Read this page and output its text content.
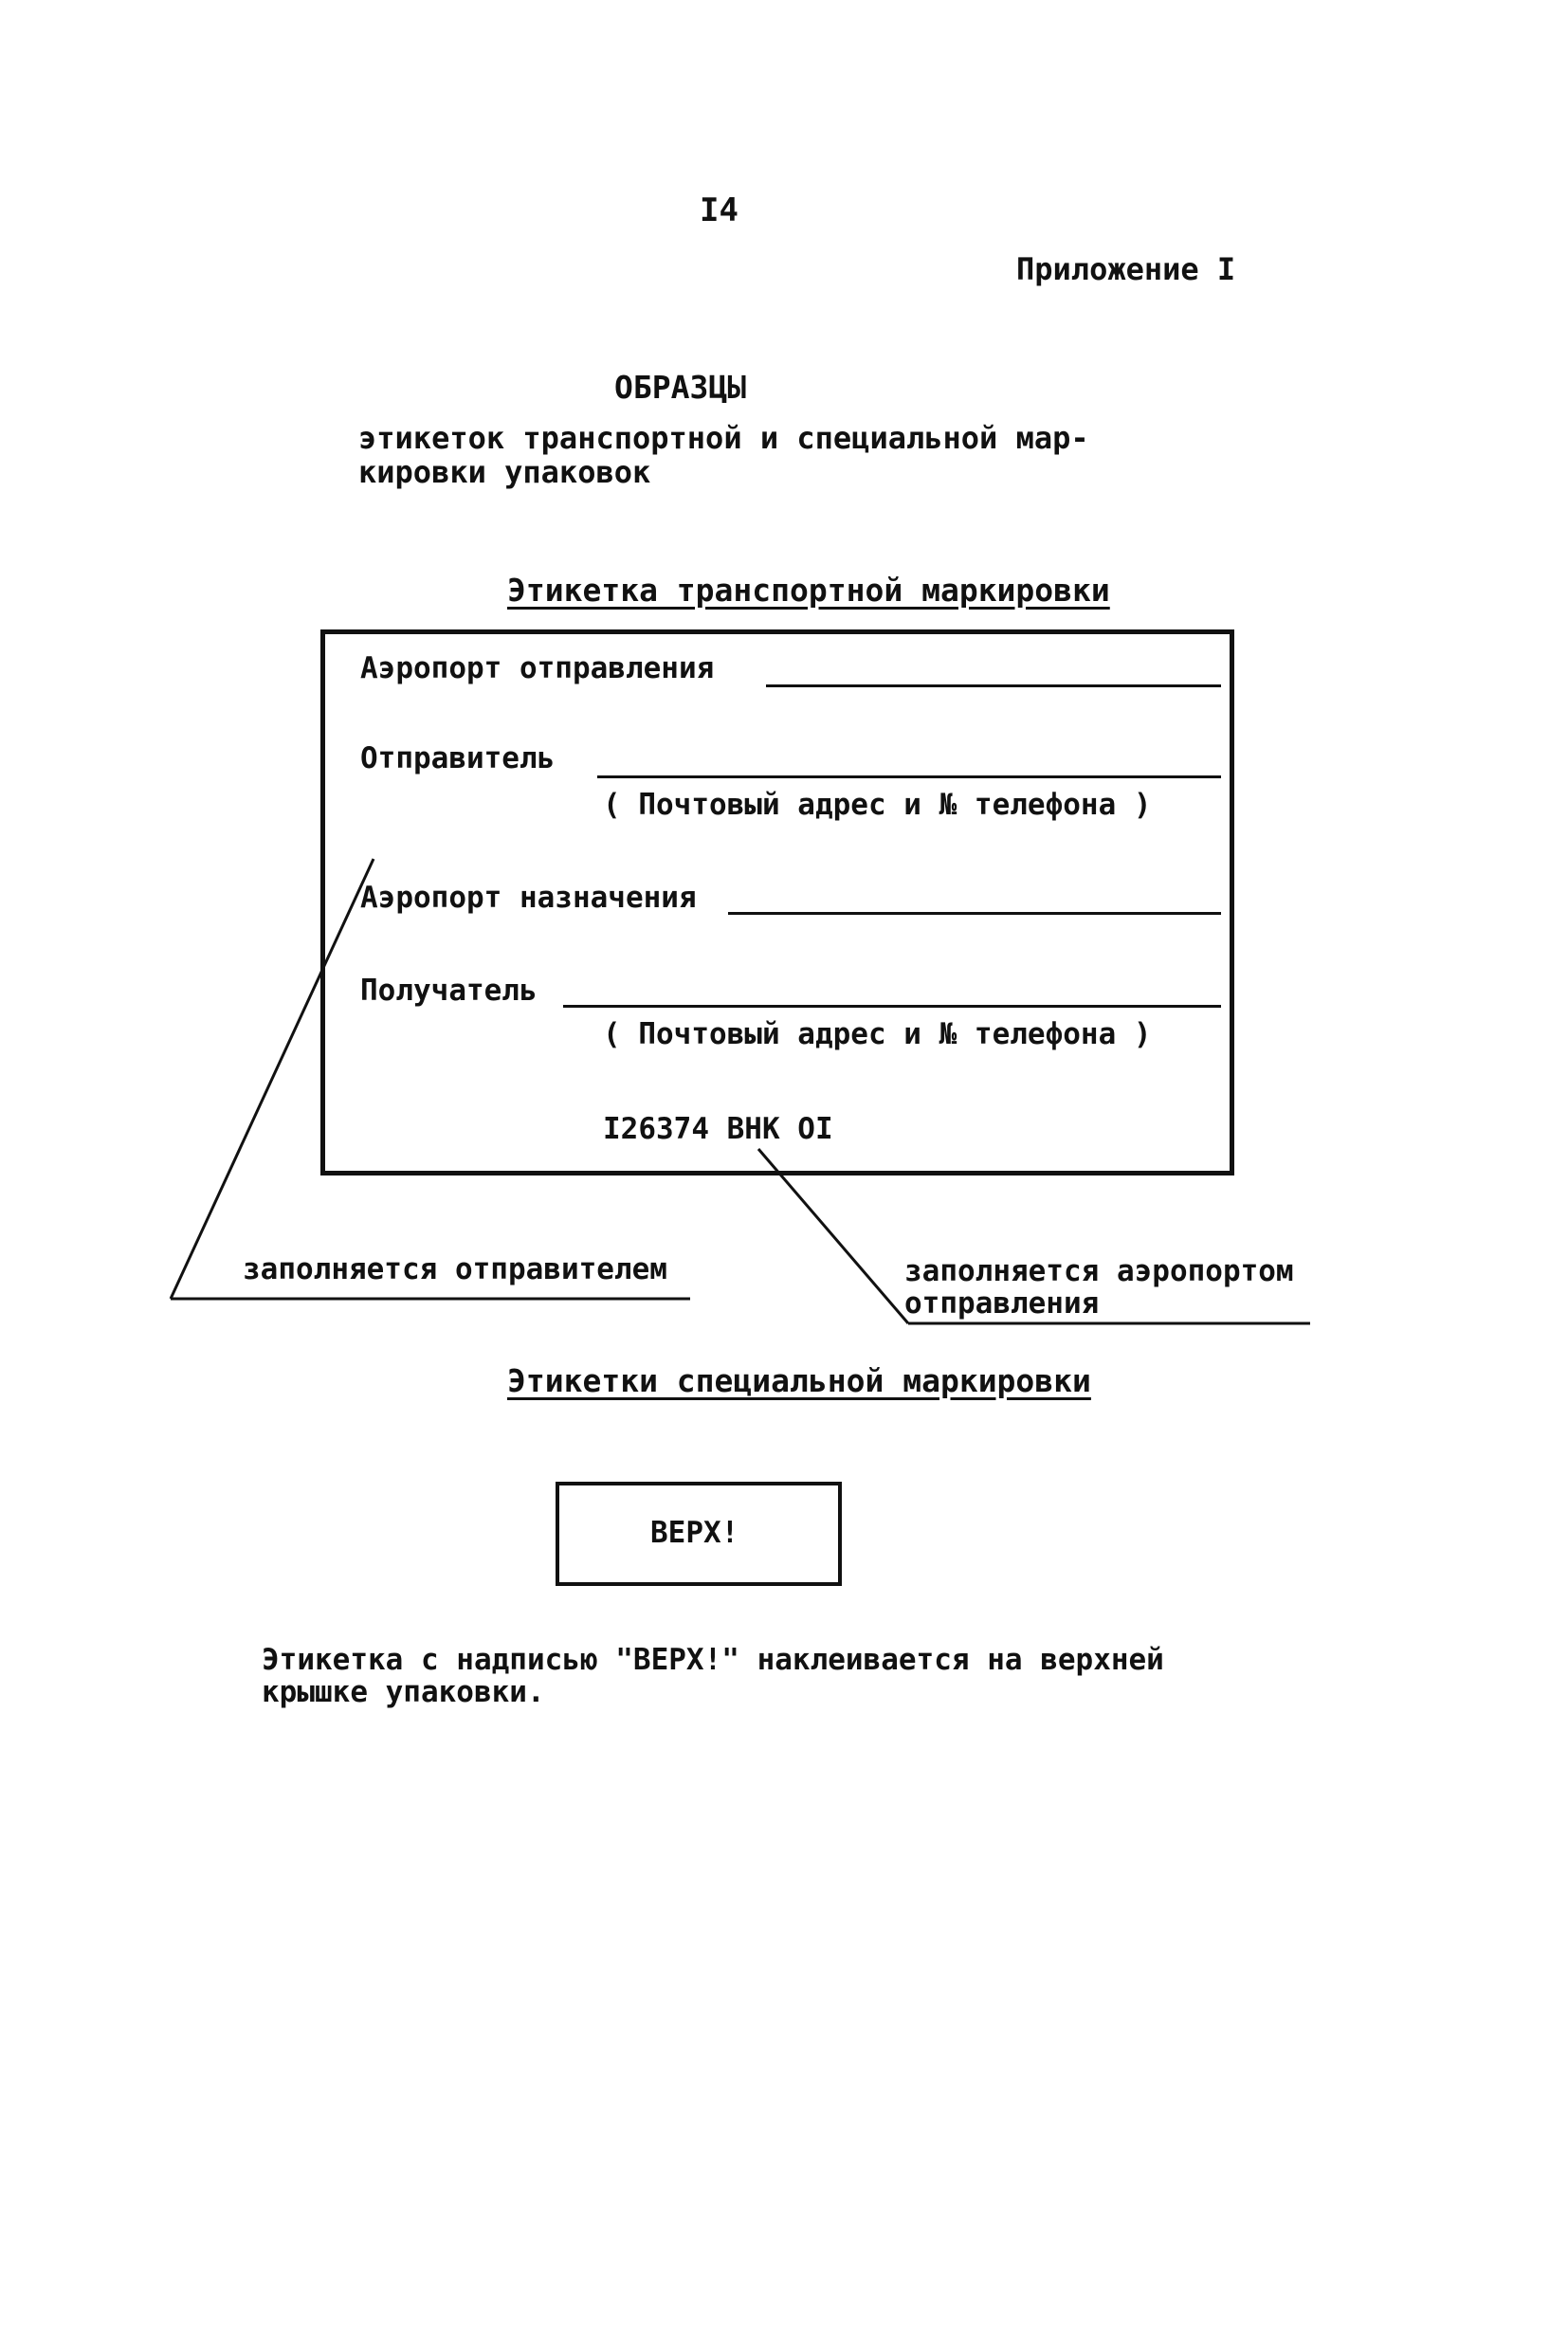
I4
Приложение I
ОБРАЗЦЫ
этикеток транспортной и специальной мар-
кировки упаковок
Этикетка транспортной маркировки
Аэропорт отправления
Отправитель
( Почтовый адрес и № телефона )
Аэропорт назначения
Получатель
( Почтовый адрес и № телефона )
I26374 ВНК OI
заполняется отправителем	заполняется аэропортом
отправления
Этикетки специальной маркировки
ВЕРХ!
Этикетка с надписью "ВЕРХ!" наклеивается на верхней
крышке упаковки.
